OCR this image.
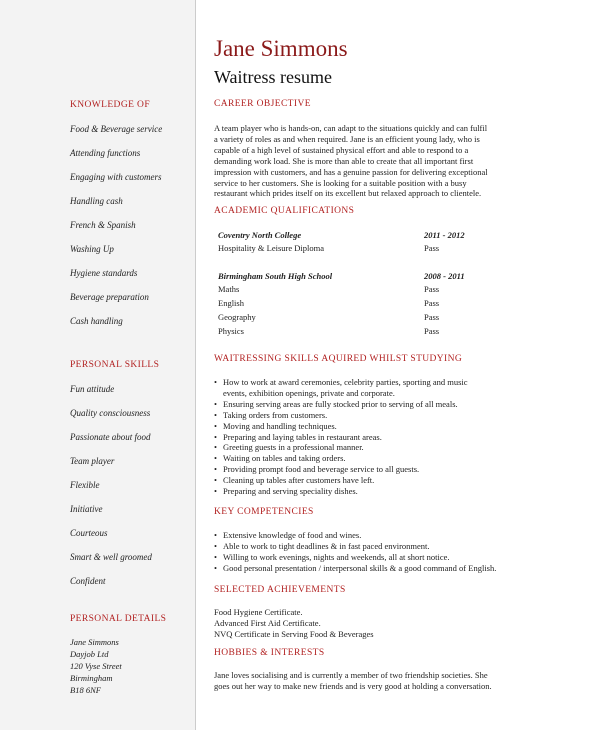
Jane Simmons
Waitress resume
KNOWLEDGE OF
Food & Beverage service
Attending functions
Engaging with customers
Handling cash
French & Spanish
Washing Up
Hygiene standards
Beverage preparation
Cash handling
PERSONAL SKILLS
Fun attitude
Quality consciousness
Passionate about food
Team player
Flexible
Initiative
Courteous
Smart & well groomed
Confident
PERSONAL DETAILS
Jane Simmons
Dayjob Ltd
120 Vyse Street
Birmingham
B18 6NF
CAREER OBJECTIVE
A team player who is hands-on, can adapt to the situations quickly and can fulfil
a variety of roles as and when required. Jane is an efficient young lady, who is
capable of a high level of sustained physical effort and able to respond to a
demanding work load. She is more than able to create that all important first
impression with customers, and has a genuine passion for delivering exceptional
service to her customers. She is looking for a suitable position with a busy
restaurant which prides itself on its excellent but relaxed approach to clientele.
ACADEMIC QUALIFICATIONS
Coventry North College	2011 - 2012
Hospitality & Leisure Diploma	Pass
Birmingham South High School	2008 - 2011
Maths	Pass
English	Pass
Geography	Pass
Physics	Pass
WAITRESSING SKILLS AQUIRED WHILST STUDYING
• How to work at award ceremonies, celebrity parties, sporting and music
events, exhibition openings, private and corporate.
• Ensuring serving areas are fully stocked prior to serving of all meals.
• Taking orders from customers.
• Moving and handling techniques.
• Preparing and laying tables in restaurant areas.
• Greeting guests in a professional manner.
• Waiting on tables and taking orders.
• Providing prompt food and beverage service to all guests.
• Cleaning up tables after customers have left.
• Preparing and serving speciality dishes.
KEY COMPETENCIES
• Extensive knowledge of food and wines.
• Able to work to tight deadlines & in fast paced environment.
• Willing to work evenings, nights and weekends, all at short notice.
• Good personal presentation / interpersonal skills & a good command of English.
SELECTED ACHIEVEMENTS
Food Hygiene Certificate.
Advanced First Aid Certificate.
NVQ Certificate in Serving Food & Beverages
HOBBIES & INTERESTS
Jane loves socialising and is currently a member of two friendship societies. She
goes out her way to make new friends and is very good at holding a conversation.
